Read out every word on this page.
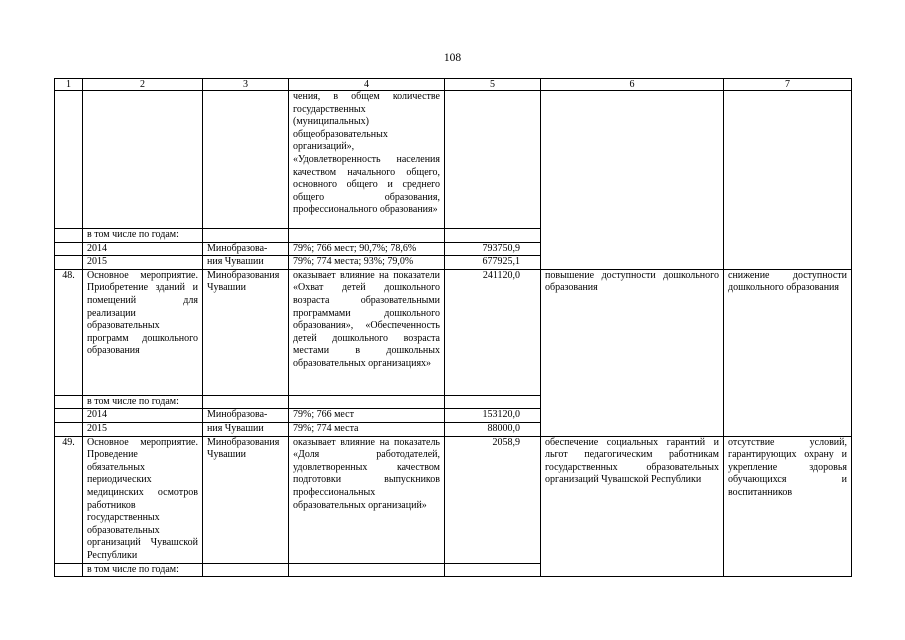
108
1	2	3	4	5	6	7
			чения, в общем количестве государственных (муниципальных) общеобразовательных организаций», «Удовлетворенность населения качеством начального общего, основного общего и среднего общего образования, профессионального образования»			
	в том числе по годам:					
	2014	Минобразова-	79%; 766 мест; 90,7%; 78,6%	793750,9		
	2015	ния Чувашии	79%; 774 места; 93%; 79,0%	677925,1		
48.	Основное мероприятие. Приобретение зданий и помещений для реализации образовательных программ дошкольного образования	Минобразования Чувашии	оказывает влияние на показатели «Охват детей дошкольного возраста образовательными программами дошкольного образования», «Обеспеченность детей дошкольного возраста местами в дошкольных образовательных организациях»	241120,0	повышение доступности дошкольного образования	снижение доступности дошкольного образования
	в том числе по годам:					
	2014	Минобразова-	79%; 766 мест	153120,0		
	2015	ния Чувашии	79%; 774 места	88000,0		
49.	Основное мероприятие. Проведение обязательных периодических медицинских осмотров работников государственных образовательных организаций Чувашской Республики	Минобразования Чувашии	оказывает влияние на показатель «Доля работодателей, удовлетворенных качеством подготовки выпускников профессиональных образовательных организаций»	2058,9	обеспечение социальных гарантий и льгот педагогическим работникам государственных образовательных организаций Чувашской Республики	отсутствие условий, гарантирующих охрану и укрепление здоровья обучающихся и воспитанников
	в том числе по годам:					
